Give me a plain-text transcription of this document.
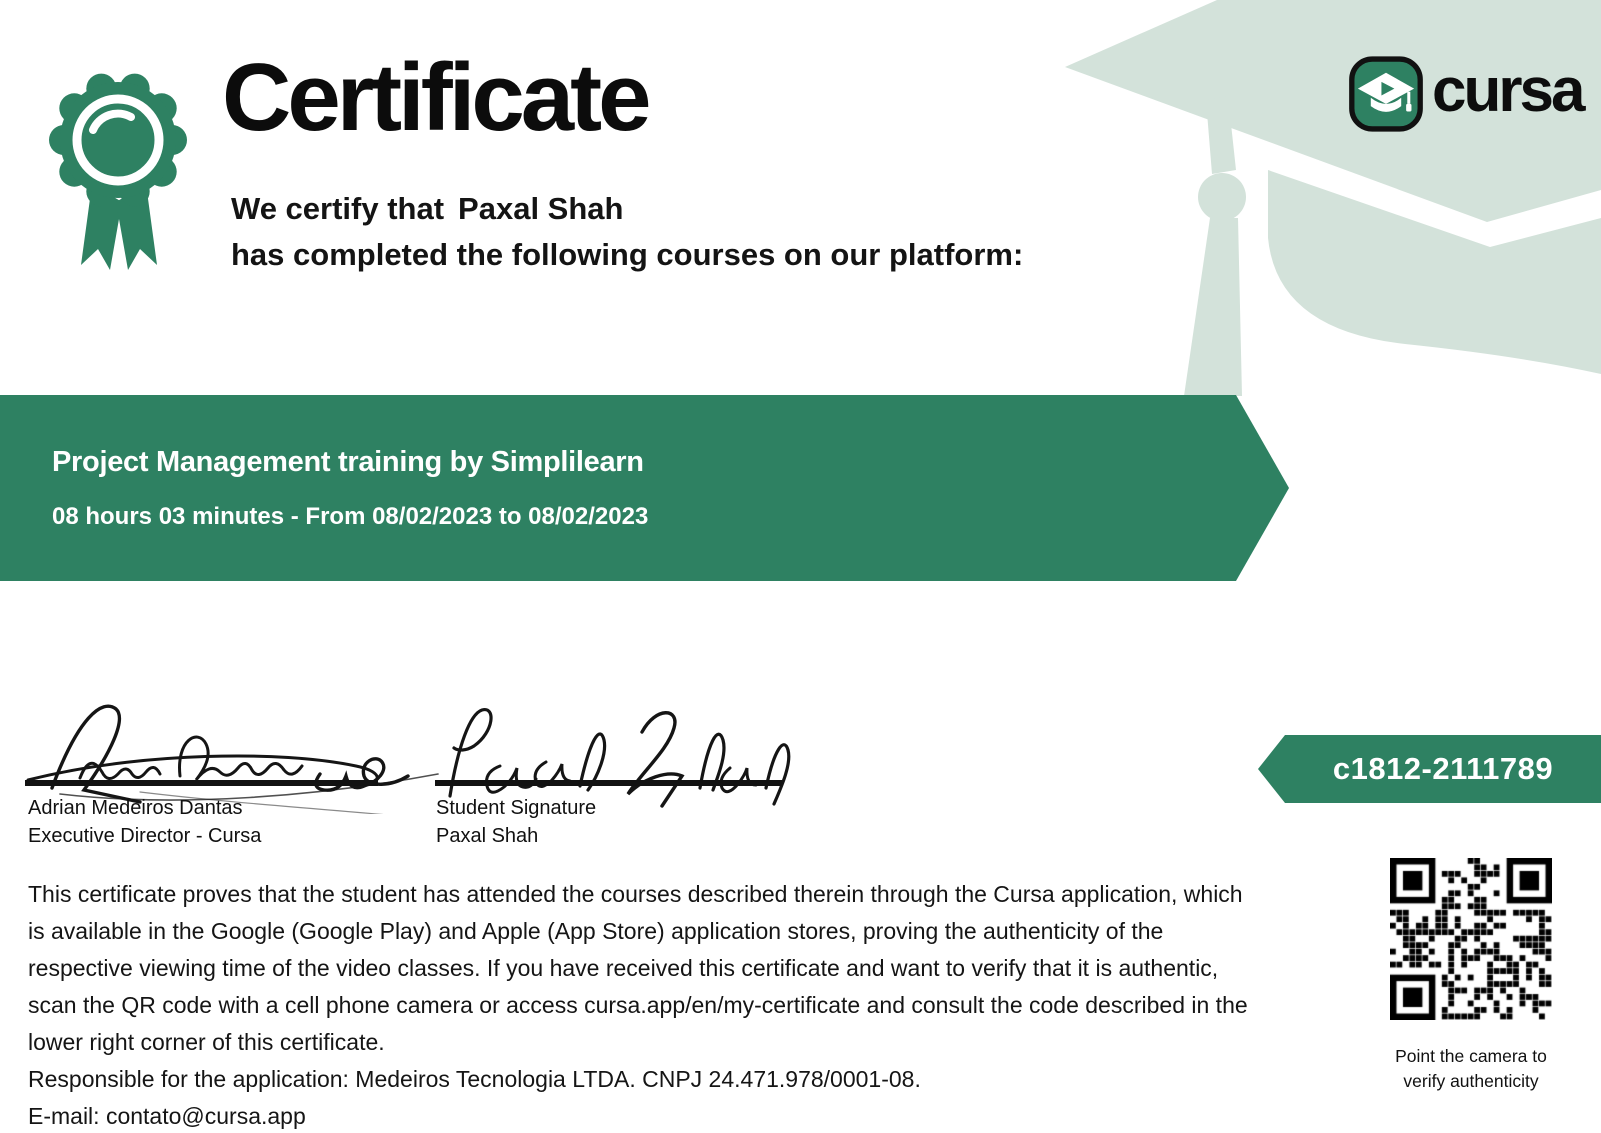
Certificate
We certify that Paxal Shah
has completed the following courses on our platform:
cursa
Project Management training by Simplilearn
08 hours 03 minutes - From 08/02/2023 to 08/02/2023
Adrian Medeiros Dantas
Executive Director - Cursa
Student Signature
Paxal Shah
c1812-2111789
This certificate proves that the student has attended the courses described therein through the Cursa application, which
is available in the Google (Google Play) and Apple (App Store) application stores, proving the authenticity of the
respective viewing time of the video classes. If you have received this certificate and want to verify that it is authentic,
scan the QR code with a cell phone camera or access cursa.app/en/my-certificate and consult the code described in the
lower right corner of this certificate.
Responsible for the application: Medeiros Tecnologia LTDA. CNPJ 24.471.978/0001-08.
E-mail: contato@cursa.app
Point the camera to
verify authenticity
